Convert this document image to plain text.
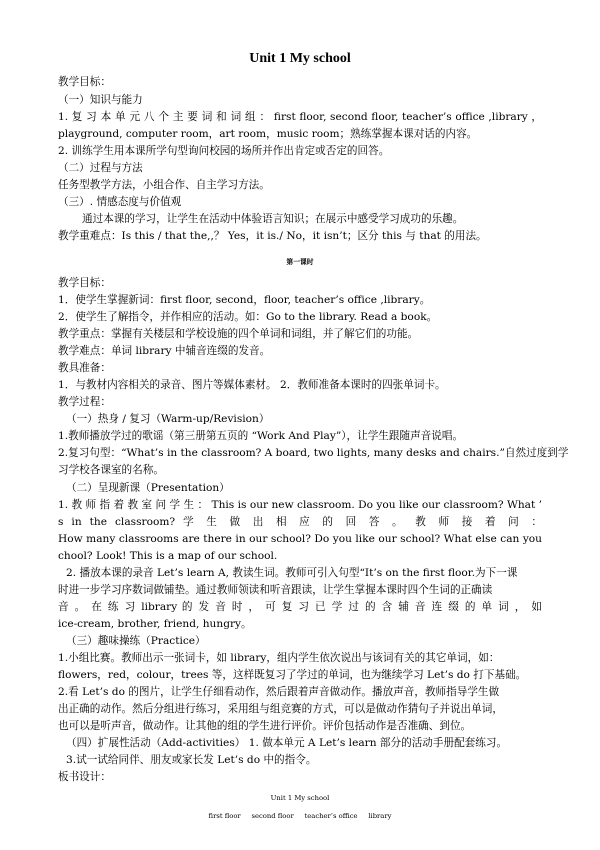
Unit 1 My school
教学目标：
（一）知识与能力
1. 复 习 本 单 元 八 个 主 要 词 和 词 组 ： first floor, second floor, teacher’s office ,library ，
playground, computer room，art room，music room；熟练掌握本课对话的内容。
2. 训练学生用本课所学句型询问校园的场所并作出肯定或否定的回答。
（二）过程与方法
任务型教学方法，小组合作、自主学习方法。
（三）. 情感态度与价值观
通过本课的学习，让学生在活动中体验语言知识；在展示中感受学习成功的乐趣。
教学重难点：Is this / that the,,？ Yes，it is./ No，it isn’t；区分 this 与 that 的用法。
第一课时
教学目标：
1．使学生掌握新词：first floor, second，floor, teacher’s office ,library。
2．使学生了解指令，并作相应的活动。如：Go to the library. Read a book。
教学重点：掌握有关楼层和学校设施的四个单词和词组，并了解它们的功能。
教学难点：单词 library 中辅音连缀的发音。
教具准备：
1．与教材内容相关的录音、图片等媒体素材。 2．教师准备本课时的四张单词卡。
教学过程：
（一）热身 / 复习（Warm-up/Revision）
1.教师播放学过的歌谣（第三册第五页的 “Work And Play”），让学生跟随声音说唱。
2.复习句型：“What’s in the classroom? A board, two lights, many desks and chairs.”自然过度到学
习学校各课室的名称。
（二）呈现新课（Presentation）
1. 教 师 指 着 教 室 问 学 生 ： This is our new classroom. Do you like our classroom? What ’
s in the classroom? 学 生 做 出 相 应 的 回 答 。 教 师 接 着 问 ：
How many classrooms are there in our school? Do you like our school? What else can you
chool? Look! This is a map of our school.
2. 播放本课的录音 Let’s learn A, 教读生词。教师可引入句型“It’s on the first floor.为下一课
时进一步学习序数词做铺垫。通过教师领读和听音跟读，让学生掌握本课时四个生词的正确读
音 。 在 练 习 library 的 发 音 时 ， 可 复 习 已 学 过 的 含 辅 音 连 缀 的 单 词 ， 如
ice-cream, brother, friend, hungry。
（三）趣味操练（Practice）
1.小组比赛。教师出示一张词卡，如 library，组内学生依次说出与该词有关的其它单词，如：
flowers，red，colour，trees 等，这样既复习了学过的单词，也为继续学习 Let’s do 打下基础。
2.看 Let’s do 的图片，让学生仔细看动作，然后跟着声音做动作。播放声音，教师指导学生做
出正确的动作。然后分组进行练习，采用组与组竞赛的方式，可以是做动作猜句子并说出单词，
也可以是听声音，做动作。让其他的组的学生进行评价。评价包括动作是否准确、到位。
（四）扩展性活动（Add-activities） 1. 做本单元 A Let’s learn 部分的活动手册配套练习。
3.试一试给同伴、朋友或家长发 Let’s do 中的指令。
板书设计：
Unit 1 My school
first floor     second floor     teacher’s office     library
